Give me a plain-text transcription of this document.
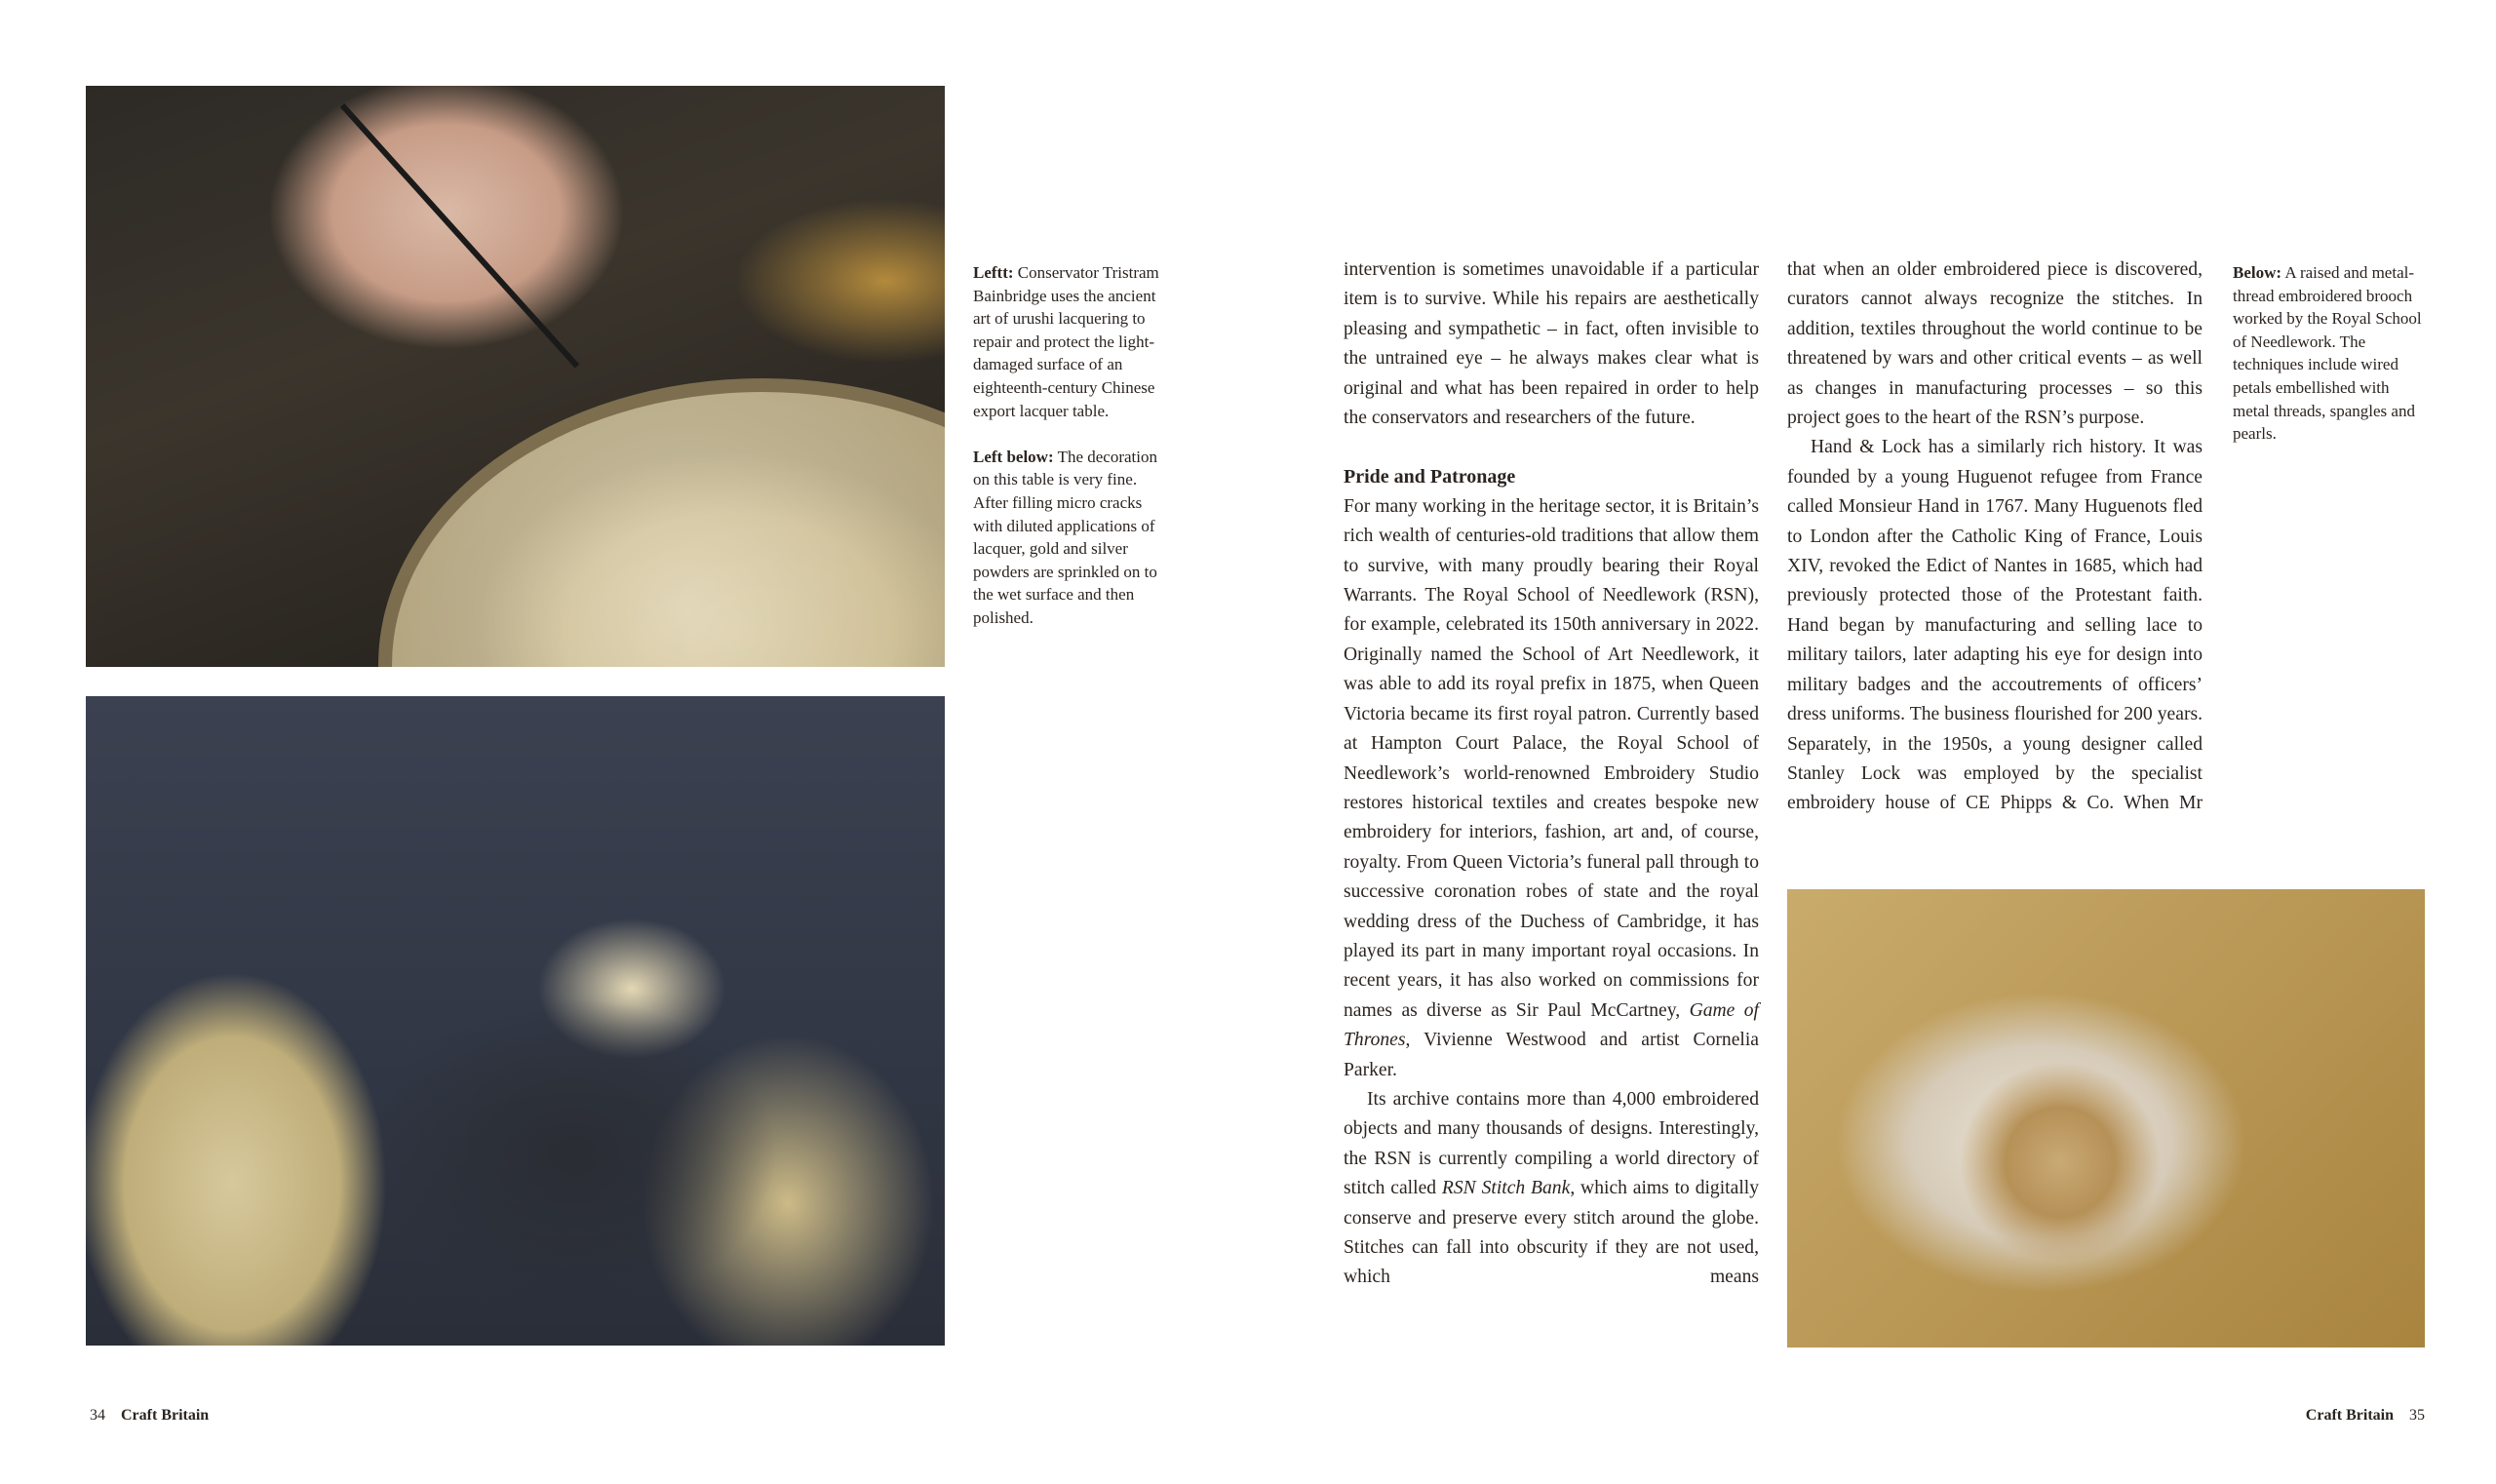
Leftt: Conservator Tristram Bainbridge uses the ancient art of urushi lacquering to repair and protect the light-damaged surface of an eighteenth-century Chinese export lacquer table.

Left below: The decoration on this table is very fine. After filling micro cracks with diluted applications of lacquer, gold and silver powders are sprinkled on to the wet surface and then polished.

intervention is sometimes unavoidable if a particular item is to survive. While his repairs are aesthetically pleasing and sympathetic – in fact, often invisible to the untrained eye – he always makes clear what is original and what has been repaired in order to help the conservators and researchers of the future.

Pride and Patronage

For many working in the heritage sector, it is Britain’s rich wealth of centuries-old traditions that allow them to survive, with many proudly bearing their Royal Warrants. The Royal School of Needlework (RSN), for example, celebrated its 150th anniversary in 2022. Originally named the School of Art Needlework, it was able to add its royal prefix in 1875, when Queen Victoria became its first royal patron. Currently based at Hampton Court Palace, the Royal School of Needlework’s world-renowned Embroidery Studio restores historical textiles and creates bespoke new embroidery for interiors, fashion, art and, of course, royalty. From Queen Victoria’s funeral pall through to successive coronation robes of state and the royal wedding dress of the Duchess of Cambridge, it has played its part in many important royal occasions. In recent years, it has also worked on commissions for names as diverse as Sir Paul McCartney, Game of Thrones, Vivienne Westwood and artist Cornelia Parker.

Its archive contains more than 4,000 embroidered objects and many thousands of designs. Interestingly, the RSN is currently compiling a world directory of stitch called RSN Stitch Bank, which aims to digitally conserve and preserve every stitch around the globe. Stitches can fall into obscurity if they are not used, which means

that when an older embroidered piece is discovered, curators cannot always recognize the stitches. In addition, textiles throughout the world continue to be threatened by wars and other critical events – as well as changes in manufacturing processes – so this project goes to the heart of the RSN’s purpose.

Hand & Lock has a similarly rich history. It was founded by a young Huguenot refugee from France called Monsieur Hand in 1767. Many Huguenots fled to London after the Catholic King of France, Louis XIV, revoked the Edict of Nantes in 1685, which had previously protected those of the Protestant faith. Hand began by manufacturing and selling lace to military tailors, later adapting his eye for design into military badges and the accoutrements of officers’ dress uniforms. The business flourished for 200 years. Separately, in the 1950s, a young designer called Stanley Lock was employed by the specialist embroidery house of CE Phipps & Co. When Mr

Below: A raised and metal-thread embroidered brooch worked by the Royal School of Needlework. The techniques include wired petals embellished with metal threads, spangles and pearls.

34 Craft Britain	Craft Britain 35
